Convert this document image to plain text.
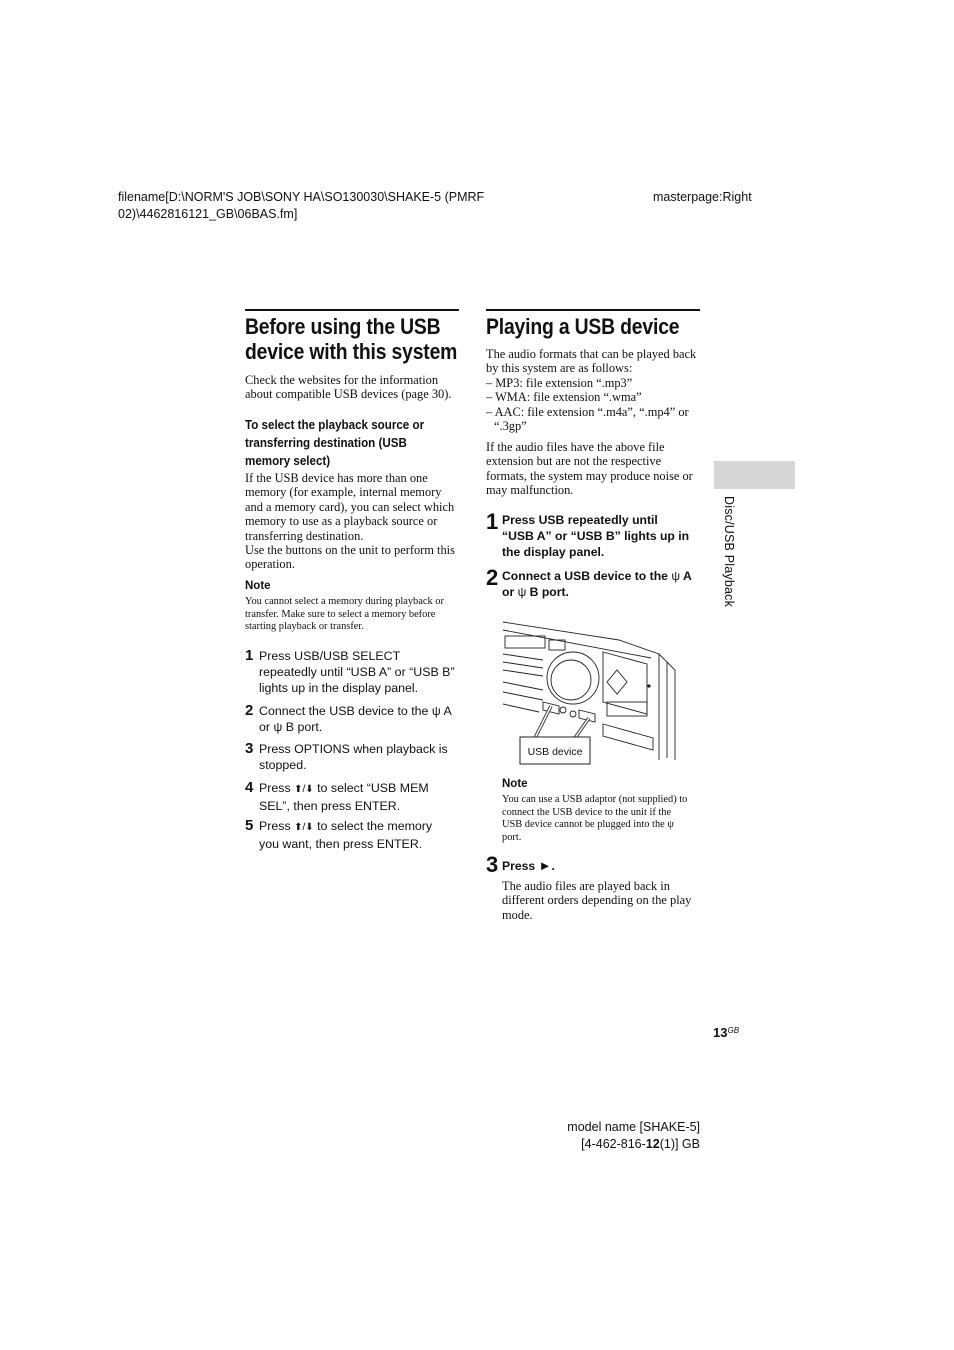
filename[D:\NORM'S JOB\SONY HA\SO130030\SHAKE-5 (PMRF
02)\4462816121_GB\06BAS.fm]
masterpage:Right
Before using the USB
device with this system
Check the websites for the information
about compatible USB devices (page 30).
To select the playback source or
transferring destination (USB
memory select)
If the USB device has more than one
memory (for example, internal memory
and a memory card), you can select which
memory to use as a playback source or
transferring destination.
Use the buttons on the unit to perform this
operation.
Note
You cannot select a memory during playback or
transfer. Make sure to select a memory before
starting playback or transfer.
1 Press USB/USB SELECT
repeatedly until “USB A” or “USB B”
lights up in the display panel.
2 Connect the USB device to the ψ A
or ψ B port.
3 Press OPTIONS when playback is
stopped.
4 Press ⬆/⬇ to select “USB MEM
SEL”, then press ENTER.
5 Press ⬆/⬇ to select the memory
you want, then press ENTER.
Playing a USB device
The audio formats that can be played back
by this system are as follows:
– MP3: file extension “.mp3”
– WMA: file extension “.wma”
– AAC: file extension “.m4a”, “.mp4” or
“.3gp”
If the audio files have the above file
extension but are not the respective
formats, the system may produce noise or
may malfunction.
1 Press USB repeatedly until
“USB A” or “USB B” lights up in
the display panel.
2 Connect a USB device to the ψ A
or ψ B port.
USB device
Note
You can use a USB adaptor (not supplied) to
connect the USB device to the unit if the
USB device cannot be plugged into the ψ
port.
3 Press ►.
The audio files are played back in
different orders depending on the play
mode.
Disc/USB Playback
$13^{GB}$
model name [SHAKE-5]
[4-462-816-12(1)] GB
